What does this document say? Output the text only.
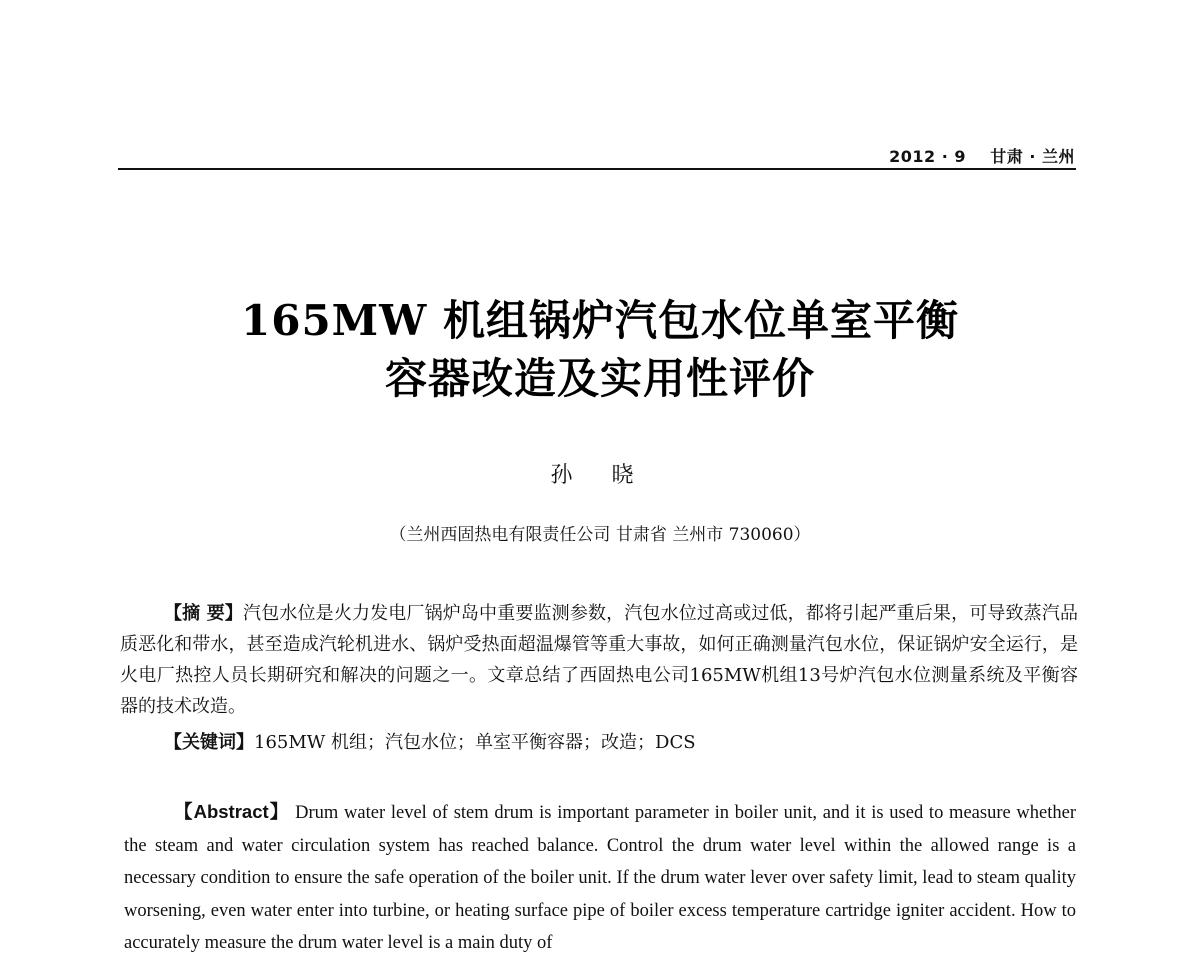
2012 · 9 甘肃 · 兰州
165MW 机组锅炉汽包水位单室平衡
容器改造及实用性评价
孙 晓
（兰州西固热电有限责任公司 甘肃省 兰州市 730060）

【摘 要】汽包水位是火力发电厂锅炉岛中重要监测参数，汽包水位过高或过低，都将引起严重后果，可导致蒸汽品质恶化和带水，甚至造成汽轮机进水、锅炉受热面超温爆管等重大事故，如何正确测量汽包水位，保证锅炉安全运行，是火电厂热控人员长期研究和解决的问题之一。文章总结了西固热电公司165MW机组13号炉汽包水位测量系统及平衡容器的技术改造。

【关键词】165MW 机组；汽包水位；单室平衡容器；改造；DCS

【Abstract】 Drum water level of stem drum is important parameter in boiler unit, and it is used to measure whether the steam and water circulation system has reached balance. Control the drum water level within the allowed range is a necessary condition to ensure the safe operation of the boiler unit. If the drum water lever over safety limit, lead to steam quality worsening, even water enter into turbine, or heating surface pipe of boiler excess temperature cartridge igniter accident. How to accurately measure the drum water level is a main duty of
